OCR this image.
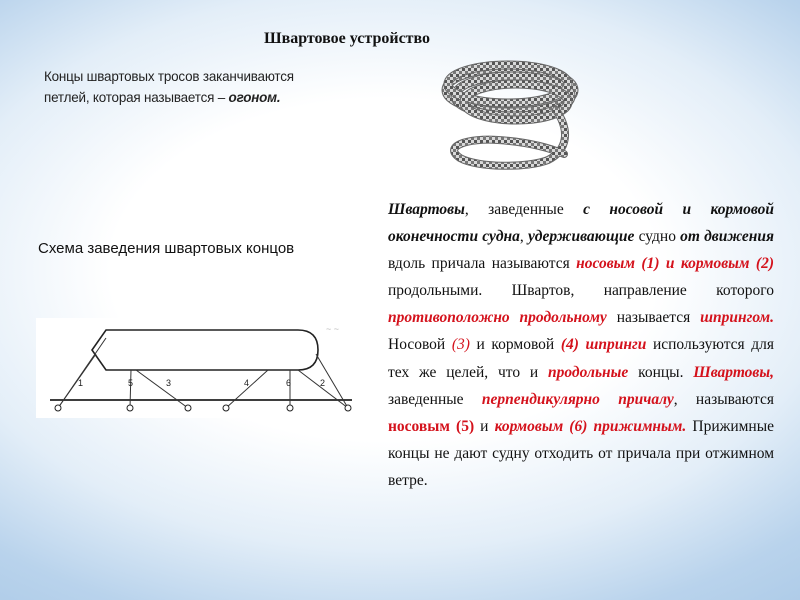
Швартовое устройство
Концы швартовых тросов заканчиваются петлей, которая называется – огоном.
Схема заведения швартовых концов
~ ~
1	5	3	4	6	2
Швартовы, заведенные с носовой и кормовой оконечности судна, удерживающие судно от движения вдоль причала называются носовым (1) и кормовым (2) продольными. Швартов, направление которого противоположно продольному называется шпрингом. Носовой (3) и кормовой (4) шпринги используются для тех же целей, что и продольные концы. Швартовы, заведенные перпендикулярно причалу, называются носовым (5) и кормовым (6) прижимным. Прижимные концы не дают судну отходить от причала при отжимном ветре.
